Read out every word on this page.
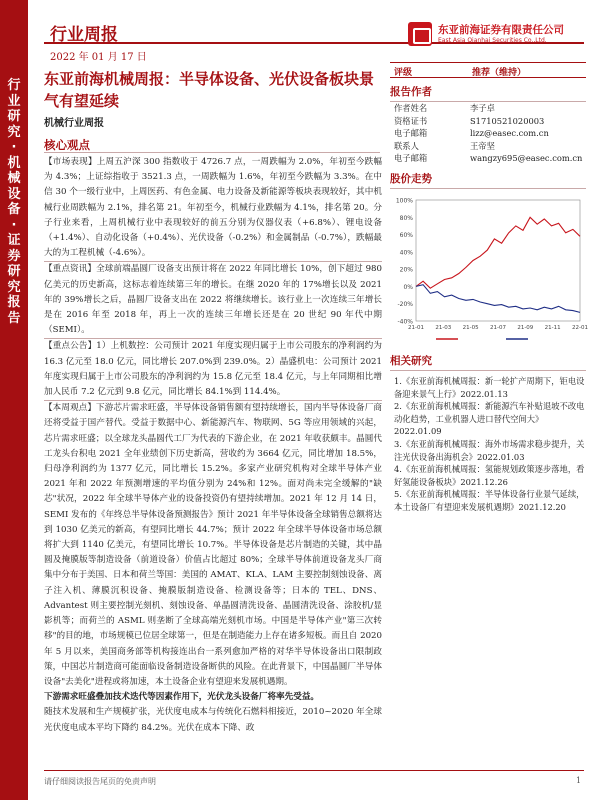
行
业
研
究
·
机
械
设
备
·
证
券
研
究
报
告
行业周报
2022 年 01 月 17 日
东亚前海证券有限责任公司
East Asia Qianhai Securities Co.,Ltd.
东亚前海机械周报：半导体设备、光伏设备板块景气有望延续
机械行业周报
核心观点
【市场表现】上周五沪深 300 指数收于 4726.7 点，一周跌幅为 2.0%，年初至今跌幅为 4.3%；上证综指收于 3521.3 点，一周跌幅为 1.6%，年初至今跌幅为 3.3%。在中信 30 个一级行业中，上周医药、有色金属、电力设备及新能源等板块表现较好，其中机械行业周跌幅为 2.1%，排名第 21。年初至今，机械行业跌幅为 4.1%，排名第 20。分子行业来看，上周机械行业中表现较好的前五分别为仪器仪表（+6.8%）、锂电设备（+1.4%）、自动化设备（+0.4%）、光伏设备（-0.2%）和金属制品（-0.7%），跌幅最大的为工程机械（-4.6%）。
【重点资讯】全球前端晶圆厂设备支出预计将在 2022 年同比增长 10%，创下超过 980 亿美元的历史新高，这标志着连续第三年的增长。在继 2020 年的 17%增长以及 2021 年的 39%增长之后，晶圆厂设备支出在 2022 将继续增长。该行业上一次连续三年增长是在 2016 年至 2018 年，再上一次的连续三年增长还是在 20 世纪 90 年代中期（SEMI）。
【重点公告】1）上机数控：公司预计 2021 年度实现归属于上市公司股东的净利润约为 16.3 亿元至 18.0 亿元，同比增长 207.0%到 239.0%。2）晶盛机电：公司预计 2021 年度实现归属于上市公司股东的净利润约为 15.8 亿元至 18.4 亿元，与上年同期相比增加人民币 7.2 亿元到 9.8 亿元，同比增长 84.1%到 114.4%。
【本周观点】下游芯片需求旺盛，半导体设备销售额有望持续增长，国内半导体设备厂商还将受益于国产替代。受益于数据中心、新能源汽车、物联网、5G 等应用领域的兴起，芯片需求旺盛；以全球龙头晶圆代工厂为代表的下游企业，在 2021 年收获颇丰。晶圆代工龙头台积电 2021 全年业绩创下历史新高，营收约为 3664 亿元，同比增加 18.5%，归母净利润约为 1377 亿元，同比增长 15.2%。多家产业研究机构对全球半导体产业 2021 年和 2022 年预测增速的平均值分别为 24%和 12%。面对尚未完全缓解的"缺芯"状况，2022 年全球半导体产业的设备投资仍有望持续增加。2021 年 12 月 14 日，SEMI 发布的《年终总半导体设备预测报告》预计 2021 年半导体设备全球销售总额将达到 1030 亿美元的新高，有望同比增长 44.7%；预计 2022 年全球半导体设备市场总额将扩大到 1140 亿美元，有望同比增长 10.7%。半导体设备是芯片制造的关键，其中晶圆及掩膜版等制造设备（前道设备）价值占比超过 80%；全球半导体前道设备龙头厂商集中分布于美国、日本和荷兰等国：美国的 AMAT、KLA、LAM 主要控制刻蚀设备、离子注入机、薄膜沉积设备、掩膜版制造设备、检测设备等；日本的 TEL、DNS、Advantest 则主要控制光刻机、刻蚀设备、单晶圆清洗设备、晶圆清洗设备、涂胶机/显影机等；而荷兰的 ASML 则垄断了全球高端光刻机市场。中国是半导体产业"第三次转移"的目的地，市场规模已位居全球第一，但是在制造能力上存在诸多短板。而且自 2020 年 5 月以来，美国商务部等机构接连出台一系列愈加严格的对华半导体设备出口限制政策，中国芯片制造商可能面临设备制造设备断供的风险。在此背景下，中国晶圆厂半导体设备"去美化"进程或将加速，本土设备企业有望迎来发展机遇期。
下游需求旺盛叠加技术迭代等因素作用下，光伏龙头设备厂将率先受益。
随技术发展和生产规模扩张，光伏度电成本与传统化石燃料相接近，2010~2020 年全球光伏度电成本平均下降约 84.2%。光伏在成本下降、政
评级	推荐（维持）
报告作者
作者姓名	李子卓
资格证书	S1710521020003
电子邮箱	lizz@easec.com.cn
联系人	王帝坚
电子邮箱	wangzy695@easec.com.cn
股价走势
-40%
-20%
0%
20%
40%
60%
80%
100%
21-01 21-03 21-05 21-07 21-09 21-11 22-01
相关研究
1.《东亚前海机械周报：新一轮扩产周期下，钜电设备迎来景气上行》2022.01.13
2.《东亚前海机械周报：新能源汽车补贴退坡不改电动化趋势，工业机器人进口替代空间大》2022.01.09
3.《东亚前海机械周报：海外市场需求稳步提升，关注光伏设备出海机会》2022.01.03
4.《东亚前海机械周报：氢能规划政策逐步落地，看好氢能设备板块》2021.12.26
5.《东亚前海机械周报：半导体设备行业景气延续，本土设备厂有望迎来发展机遇期》2021.12.20
请仔细阅读报告尾页的免责声明	1
